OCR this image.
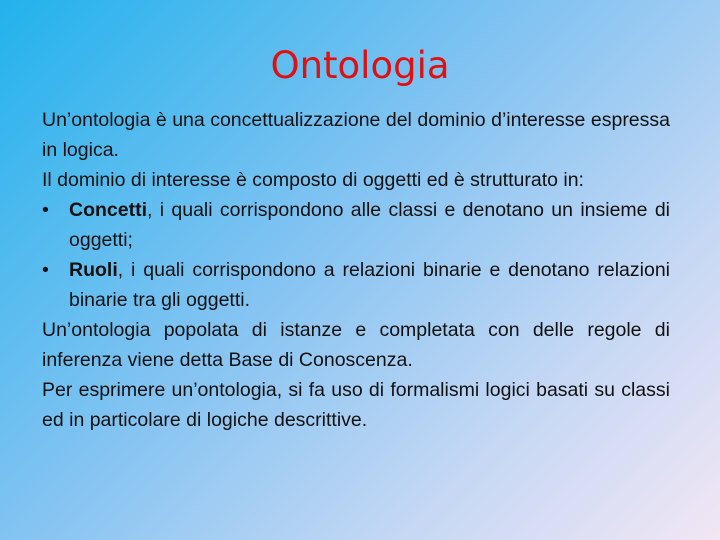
Ontologia

Un’ontologia è una concettualizzazione del dominio d’interesse espressa in logica.

Il dominio di interesse è composto di oggetti ed è strutturato in:

• Concetti, i quali corrispondono alle classi e denotano un insieme di oggetti;

• Ruoli, i quali corrispondono a relazioni binarie e denotano relazioni binarie tra gli oggetti.

Un’ontologia popolata di istanze e completata con delle regole di inferenza viene detta Base di Conoscenza.

Per esprimere un’ontologia, si fa uso di formalismi logici basati su classi ed in particolare di logiche descrittive.
